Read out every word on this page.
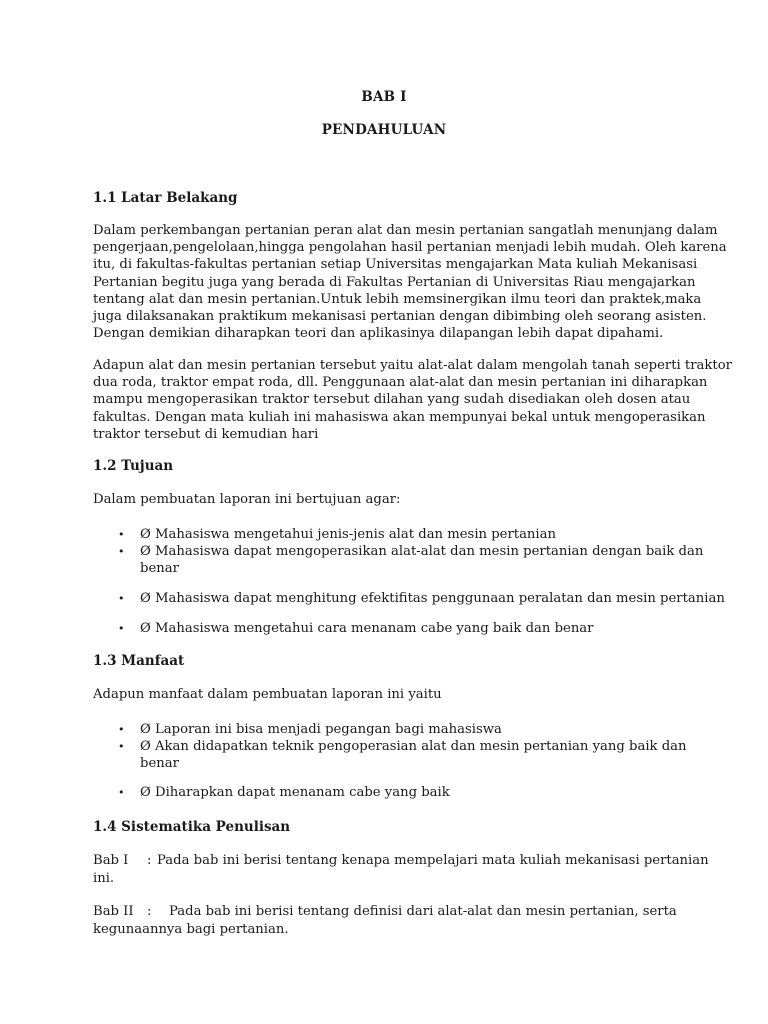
BAB I

PENDAHULUAN

1.1 Latar Belakang

Dalam perkembangan pertanian peran alat dan mesin pertanian sangatlah menunjang dalam
pengerjaan,pengelolaan,hingga pengolahan hasil pertanian menjadi lebih mudah. Oleh karena
itu, di fakultas-fakultas pertanian setiap Universitas mengajarkan Mata kuliah Mekanisasi
Pertanian begitu juga yang berada di Fakultas Pertanian di Universitas Riau mengajarkan
tentang alat dan mesin pertanian.Untuk lebih memsinergikan ilmu teori dan praktek,maka
juga dilaksanakan praktikum mekanisasi pertanian dengan dibimbing oleh seorang asisten.
Dengan demikian diharapkan teori dan aplikasinya dilapangan lebih dapat dipahami.
Adapun alat dan mesin pertanian tersebut yaitu alat-alat dalam mengolah tanah seperti traktor
dua roda, traktor empat roda, dll. Penggunaan alat-alat dan mesin pertanian ini diharapkan
mampu mengoperasikan traktor tersebut dilahan yang sudah disediakan oleh dosen atau
fakultas. Dengan mata kuliah ini mahasiswa akan mempunyai bekal untuk mengoperasikan
traktor tersebut di kemudian hari

1.2 Tujuan

Dalam pembuatan laporan ini bertujuan agar:

• Ø Mahasiswa mengetahui jenis-jenis alat dan mesin pertanian
• Ø Mahasiswa dapat mengoperasikan alat-alat dan mesin pertanian dengan baik dan
benar
• Ø Mahasiswa dapat menghitung efektifitas penggunaan peralatan dan mesin pertanian
• Ø Mahasiswa mengetahui cara menanam cabe yang baik dan benar

1.3 Manfaat

Adapun manfaat dalam pembuatan laporan ini yaitu

• Ø Laporan ini bisa menjadi pegangan bagi mahasiswa
• Ø Akan didapatkan teknik pengoperasian alat dan mesin pertanian yang baik dan
benar
• Ø Diharapkan dapat menanam cabe yang baik

1.4 Sistematika Penulisan

Bab I : Pada bab ini berisi tentang kenapa mempelajari mata kuliah mekanisasi pertanian
ini.
Bab II : Pada bab ini berisi tentang definisi dari alat-alat dan mesin pertanian, serta
kegunaannya bagi pertanian.
